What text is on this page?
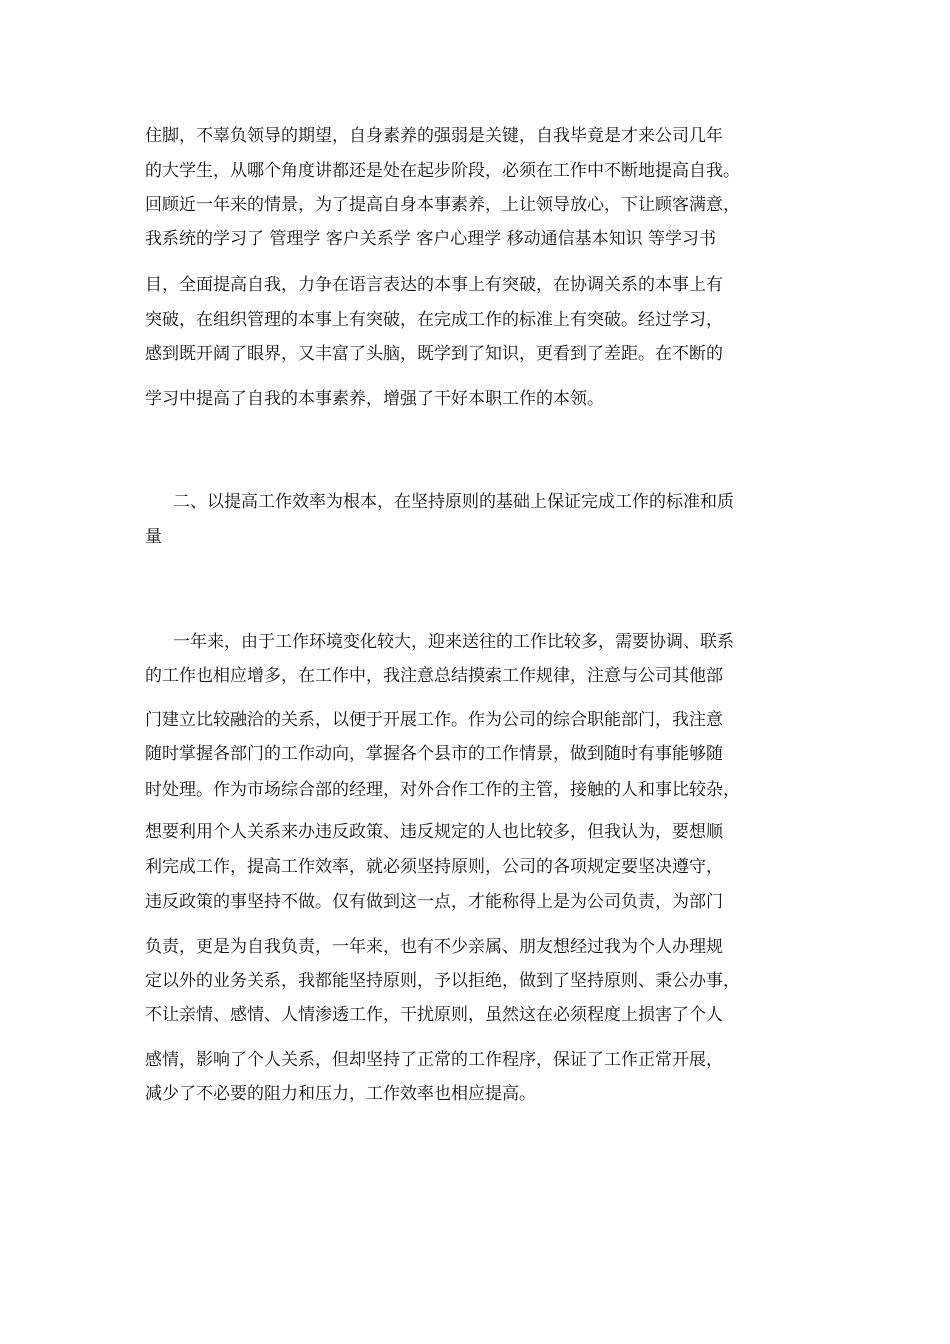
住脚，不辜负领导的期望，自身素养的强弱是关键，自我毕竟是才来公司几年
的大学生，从哪个角度讲都还是处在起步阶段，必须在工作中不断地提高自我。
回顾近一年来的情景，为了提高自身本事素养，上让领导放心，下让顾客满意，
我系统的学习了 管理学 客户关系学 客户心理学 移动通信基本知识 等学习书
目，全面提高自我，力争在语言表达的本事上有突破，在协调关系的本事上有
突破，在组织管理的本事上有突破，在完成工作的标准上有突破。经过学习，
感到既开阔了眼界，又丰富了头脑，既学到了知识，更看到了差距。在不断的
学习中提高了自我的本事素养，增强了干好本职工作的本领。
二、以提高工作效率为根本，在坚持原则的基础上保证完成工作的标准和质
量
一年来，由于工作环境变化较大，迎来送往的工作比较多，需要协调、联系
的工作也相应增多，在工作中，我注意总结摸索工作规律，注意与公司其他部
门建立比较融洽的关系，以便于开展工作。作为公司的综合职能部门，我注意
随时掌握各部门的工作动向，掌握各个县市的工作情景，做到随时有事能够随
时处理。作为市场综合部的经理，对外合作工作的主管，接触的人和事比较杂，
想要利用个人关系来办违反政策、违反规定的人也比较多，但我认为，要想顺
利完成工作，提高工作效率，就必须坚持原则，公司的各项规定要坚决遵守，
违反政策的事坚持不做。仅有做到这一点，才能称得上是为公司负责，为部门
负责，更是为自我负责，一年来，也有不少亲属、朋友想经过我为个人办理规
定以外的业务关系，我都能坚持原则，予以拒绝，做到了坚持原则、秉公办事，
不让亲情、感情、人情渗透工作，干扰原则，虽然这在必须程度上损害了个人
感情，影响了个人关系，但却坚持了正常的工作程序，保证了工作正常开展，
减少了不必要的阻力和压力，工作效率也相应提高。
